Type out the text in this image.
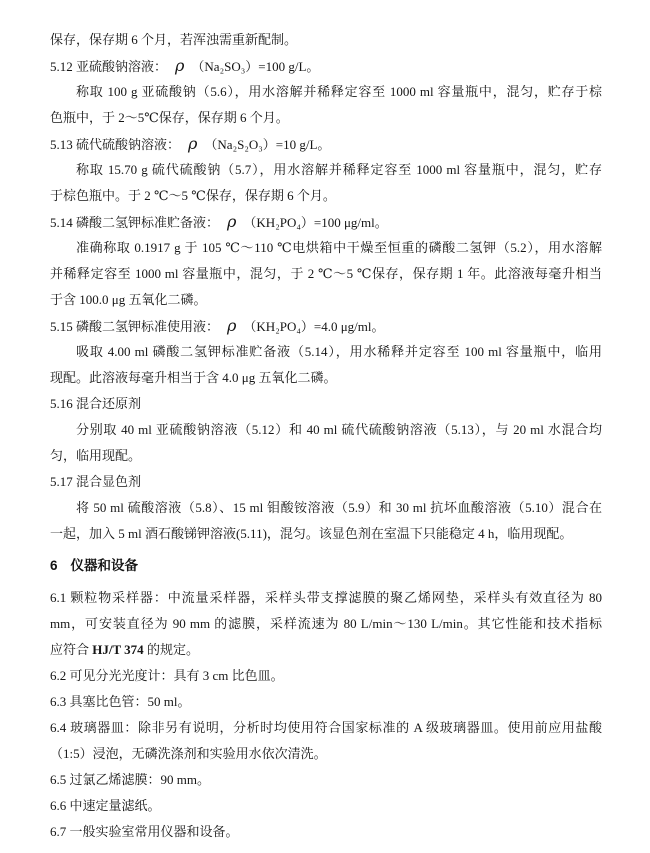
保存，保存期 6 个月，若浑浊需重新配制。
5.12 亚硫酸钠溶液： ρ （Na₂SO₃）=100 g/L。
称取 100 g 亚硫酸钠（5.6），用水溶解并稀释定容至 1000 ml 容量瓶中，混匀，贮存于棕
色瓶中，于 2～5℃保存，保存期 6 个月。
5.13 硫代硫酸钠溶液： ρ （Na₂S₂O₃）=10 g/L。
称取 15.70 g 硫代硫酸钠（5.7），用水溶解并稀释定容至 1000 ml 容量瓶中，混匀，贮存
于棕色瓶中。于 2 ℃～5 ℃保存，保存期 6 个月。
5.14 磷酸二氢钾标准贮备液： ρ （KH₂PO₄）=100 μg/ml。
准确称取 0.1917 g 于 105 ℃～110 ℃电烘箱中干燥至恒重的磷酸二氢钾（5.2），用水溶解
并稀释定容至 1000 ml 容量瓶中，混匀，于 2 ℃～5 ℃保存，保存期 1 年。此溶液每毫升相当
于含 100.0 μg 五氧化二磷。
5.15 磷酸二氢钾标准使用液： ρ （KH₂PO₄）=4.0 μg/ml。
吸取 4.00 ml 磷酸二氢钾标准贮备液（5.14），用水稀释并定容至 100 ml 容量瓶中，临用
现配。此溶液每毫升相当于含 4.0 μg 五氧化二磷。
5.16 混合还原剂
分别取 40 ml 亚硫酸钠溶液（5.12）和 40 ml 硫代硫酸钠溶液（5.13），与 20 ml 水混合均
匀，临用现配。
5.17 混合显色剂
将 50 ml 硫酸溶液（5.8）、15 ml 钼酸铵溶液（5.9）和 30 ml 抗坏血酸溶液（5.10）混合在
一起，加入 5 ml 酒石酸锑钾溶液(5.11)，混匀。该显色剂在室温下只能稳定 4 h，临用现配。
6 仪器和设备
6.1 颗粒物采样器：中流量采样器，采样头带支撑滤膜的聚乙烯网垫，采样头有效直径为 80
mm，可安装直径为 90 mm 的滤膜，采样流速为 80 L/min～130 L/min。其它性能和技术指标
应符合 HJ/T 374 的规定。
6.2 可见分光光度计：具有 3 cm 比色皿。
6.3 具塞比色管：50 ml。
6.4 玻璃器皿：除非另有说明，分析时均使用符合国家标准的 A 级玻璃器皿。使用前应用盐酸
（1:5）浸泡，无磷洗涤剂和实验用水依次清洗。
6.5 过氯乙烯滤膜：90 mm。
6.6 中速定量滤纸。
6.7 一般实验室常用仪器和设备。
